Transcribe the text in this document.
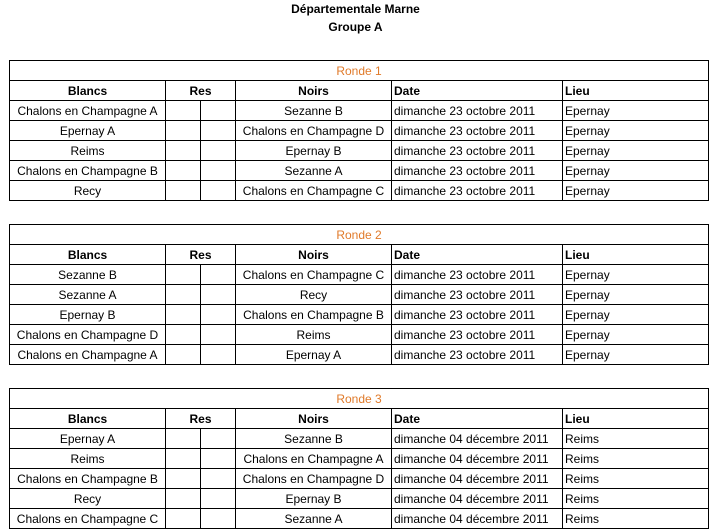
Départementale Marne
Groupe A
Ronde 1					
Blancs	Res		Noirs	Date	Lieu
Chalons en Champagne A			Sezanne B	dimanche 23 octobre 2011	Epernay
Epernay A			Chalons en Champagne D	dimanche 23 octobre 2011	Epernay
Reims			Epernay B	dimanche 23 octobre 2011	Epernay
Chalons en Champagne B			Sezanne A	dimanche 23 octobre 2011	Epernay
Recy			Chalons en Champagne C	dimanche 23 octobre 2011	Epernay
Ronde 2					
Blancs	Res		Noirs	Date	Lieu
Sezanne B			Chalons en Champagne C	dimanche 23 octobre 2011	Epernay
Sezanne A			Recy	dimanche 23 octobre 2011	Epernay
Epernay B			Chalons en Champagne B	dimanche 23 octobre 2011	Epernay
Chalons en Champagne D			Reims	dimanche 23 octobre 2011	Epernay
Chalons en Champagne A			Epernay A	dimanche 23 octobre 2011	Epernay
Ronde 3					
Blancs	Res		Noirs	Date	Lieu
Epernay A			Sezanne B	dimanche 04 décembre 2011	Reims
Reims			Chalons en Champagne A	dimanche 04 décembre 2011	Reims
Chalons en Champagne B			Chalons en Champagne D	dimanche 04 décembre 2011	Reims
Recy			Epernay B	dimanche 04 décembre 2011	Reims
Chalons en Champagne C			Sezanne A	dimanche 04 décembre 2011	Reims
